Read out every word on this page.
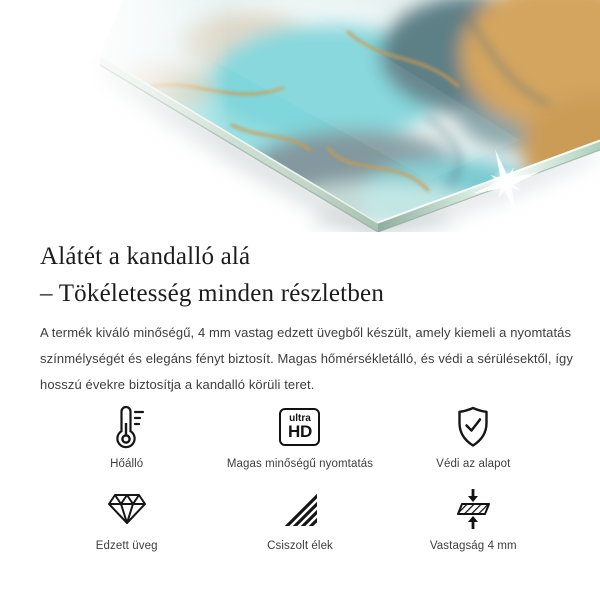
Alátét a kandalló alá
– Tökéletesség minden részletben

A termék kiváló minőségű, 4 mm vastag edzett üvegből készült, amely kiemeli a nyomtatás
színmélységét és elegáns fényt biztosít. Magas hőmérsékletálló, és védi a sérülésektől, így
hosszú évekre biztosítja a kandalló körüli teret.

Hőálló
ultra
HD
Magas minőségű nyomtatás	Védi az alapot
Edzett üveg	Csiszolt élek	Vastagság 4 mm
